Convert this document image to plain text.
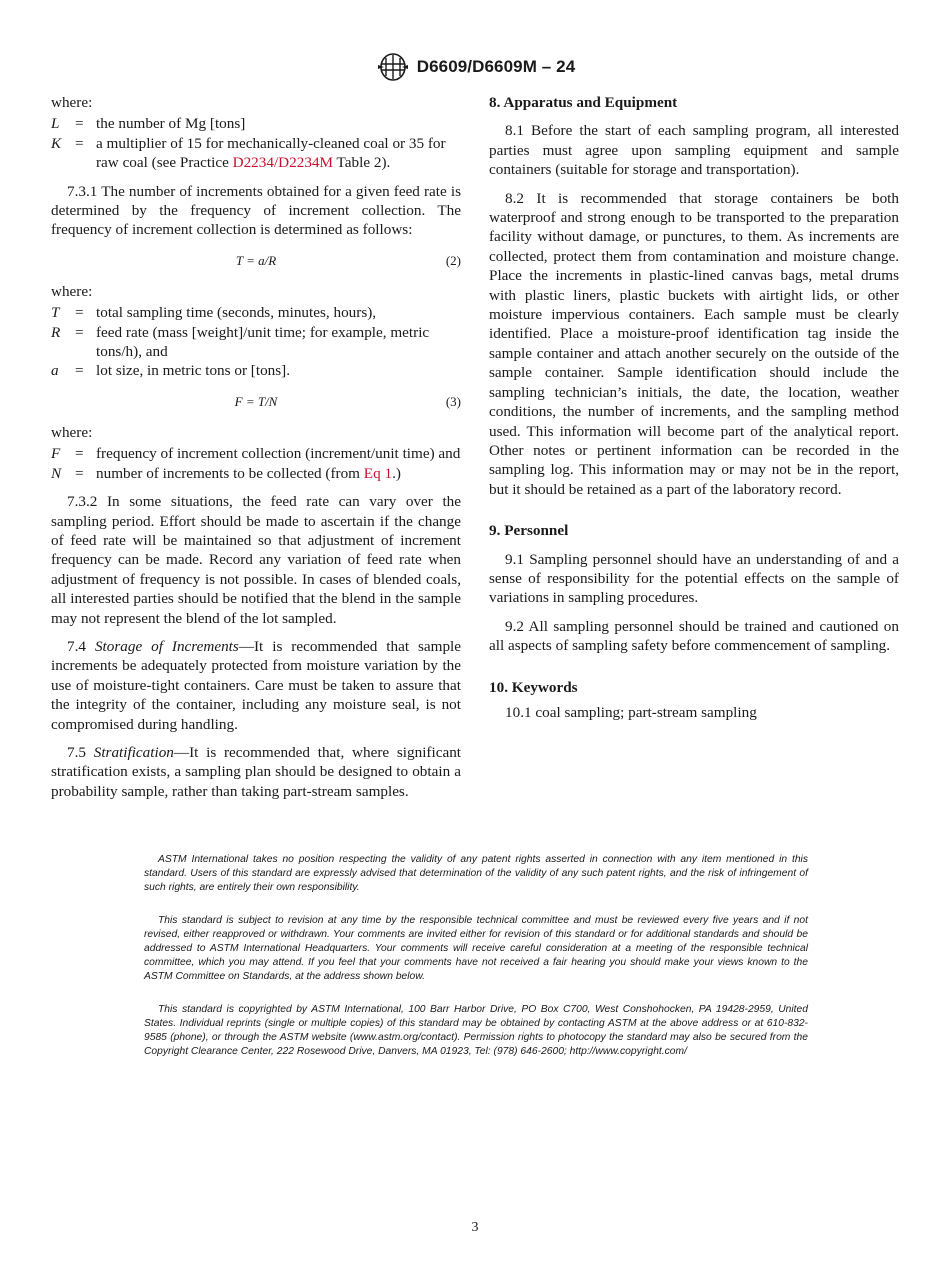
D6609/D6609M – 24

where:

L	= the number of Mg [tons]
K = a multiplier of 15 for mechanically-cleaned coal or 35 for raw coal (see Practice D2234/D2234M Table 2).

7.3.1 The number of increments obtained for a given feed rate is determined by the frequency of increment collection. The frequency of increment collection is determined as follows:

T = a/R	(2)

where:

T	= total sampling time (seconds, minutes, hours),
R = feed rate (mass [weight]/unit time; for example, metric tons/h), and
a	= lot size, in metric tons or [tons].
F = T/N	(3)

where:

F = frequency of increment collection (increment/unit time) and
N = number of increments to be collected (from Eq 1.)

7.3.2 In some situations, the feed rate can vary over the sampling period. Effort should be made to ascertain if the change of feed rate will be maintained so that adjustment of increment frequency can be made. Record any variation of feed rate when adjustment of frequency is not possible. In cases of blended coals, all interested parties should be notified that the blend in the sample may not represent the blend of the lot sampled.

7.4 Storage of Increments—It is recommended that sample increments be adequately protected from moisture variation by the use of moisture-tight containers. Care must be taken to assure that the integrity of the container, including any moisture seal, is not compromised during handling.

7.5 Stratification—It is recommended that, where significant stratification exists, a sampling plan should be designed to obtain a probability sample, rather than taking part-stream samples.

8. Apparatus and Equipment

8.1 Before the start of each sampling program, all interested parties must agree upon sampling equipment and sample containers (suitable for storage and transportation).

8.2 It is recommended that storage containers be both waterproof and strong enough to be transported to the preparation facility without damage, or punctures, to them. As increments are collected, protect them from contamination and moisture change. Place the increments in plastic-lined canvas bags, metal drums with plastic liners, plastic buckets with airtight lids, or other moisture impervious containers. Each sample must be clearly identified. Place a moisture-proof identification tag inside the sample container and attach another securely on the outside of the sample container. Sample identification should include the sampling technician’s initials, the date, the location, weather conditions, the number of increments, and the sampling method used. This information will become part of the analytical report. Other notes or pertinent information can be recorded in the sampling log. This information may or may not be in the report, but it should be retained as a part of the laboratory record.

9. Personnel

9.1 Sampling personnel should have an understanding of and a sense of responsibility for the potential effects on the sample of variations in sampling procedures.

9.2 All sampling personnel should be trained and cautioned on all aspects of sampling safety before commencement of sampling.

10. Keywords

10.1 coal sampling; part-stream sampling

ASTM International takes no position respecting the validity of any patent rights asserted in connection with any item mentioned in this standard. Users of this standard are expressly advised that determination of the validity of any such patent rights, and the risk of infringement of such rights, are entirely their own responsibility.

This standard is subject to revision at any time by the responsible technical committee and must be reviewed every five years and if not revised, either reapproved or withdrawn. Your comments are invited either for revision of this standard or for additional standards and should be addressed to ASTM International Headquarters. Your comments will receive careful consideration at a meeting of the responsible technical committee, which you may attend. If you feel that your comments have not received a fair hearing you should make your views known to the ASTM Committee on Standards, at the address shown below.

This standard is copyrighted by ASTM International, 100 Barr Harbor Drive, PO Box C700, West Conshohocken, PA 19428-2959, United States. Individual reprints (single or multiple copies) of this standard may be obtained by contacting ASTM at the above address or at 610-832-9585 (phone), or through the ASTM website (www.astm.org/contact). Permission rights to photocopy the standard may also be secured from the Copyright Clearance Center, 222 Rosewood Drive, Danvers, MA 01923, Tel: (978) 646-2600; http://www.copyright.com/

3
